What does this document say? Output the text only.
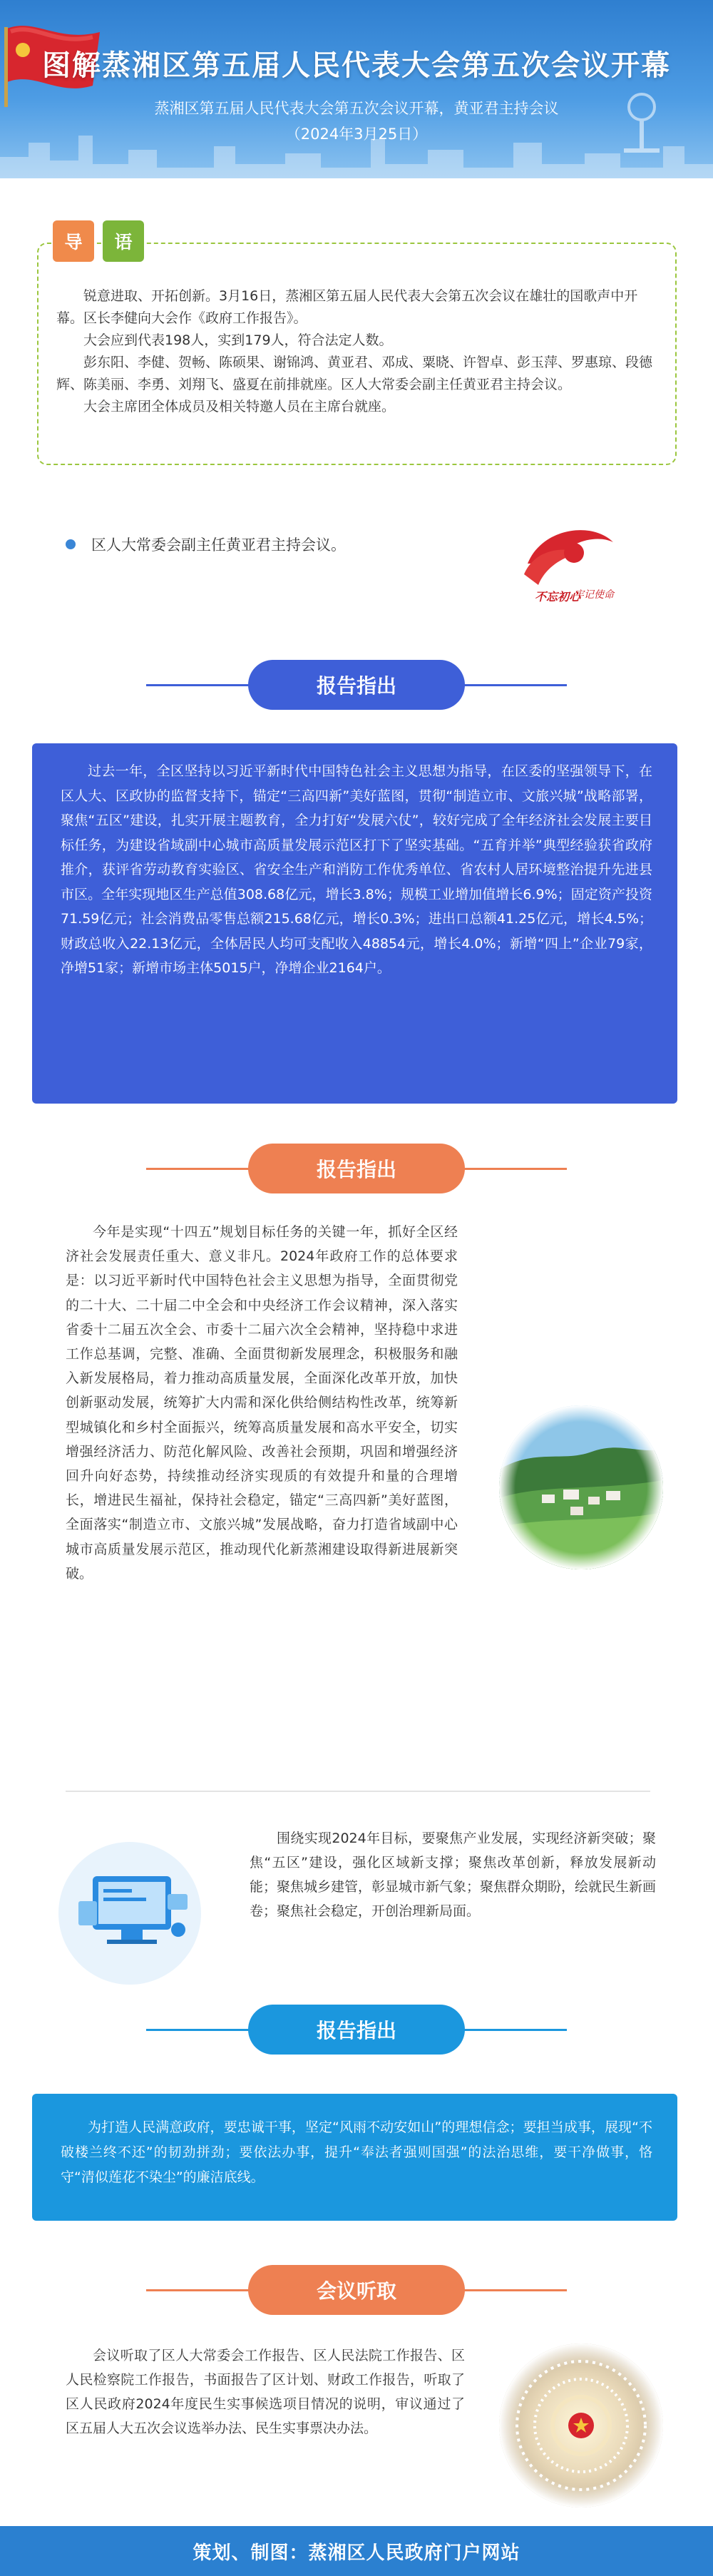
图解蒸湘区第五届人民代表大会第五次会议开幕
蒸湘区第五届人民代表大会第五次会议开幕，黄亚君主持会议
（2024年3月25日）
导	语

锐意进取、开拓创新。3月16日，蒸湘区第五届人民代表大会第五次会议在雄壮的国歌声中开幕。区长李健向大会作《政府工作报告》。

大会应到代表198人，实到179人，符合法定人数。

彭东阳、李健、贺畅、陈硕果、谢锦鸿、黄亚君、邓成、粟晓、许智卓、彭玉萍、罗惠琼、段德辉、陈美丽、李勇、刘翔飞、盛夏在前排就座。区人大常委会副主任黄亚君主持会议。

大会主席团全体成员及相关特邀人员在主席台就座。

区人大常委会副主任黄亚君主持会议。
不忘初心
牢记使命
报告指出

过去一年，全区坚持以习近平新时代中国特色社会主义思想为指导，在区委的坚强领导下，在区人大、区政协的监督支持下，锚定“三高四新”美好蓝图，贯彻“制造立市、文旅兴城”战略部署，聚焦“五区”建设，扎实开展主题教育，全力打好“发展六仗”，较好完成了全年经济社会发展主要目标任务，为建设省域副中心城市高质量发展示范区打下了坚实基础。“五育并举”典型经验获省政府推介，获评省劳动教育实验区、省安全生产和消防工作优秀单位、省农村人居环境整治提升先进县市区。全年实现地区生产总值308.68亿元，增长3.8%；规模工业增加值增长6.9%；固定资产投资71.59亿元；社会消费品零售总额215.68亿元，增长0.3%；进出口总额41.25亿元，增长4.5%；财政总收入22.13亿元，全体居民人均可支配收入48854元，增长4.0%；新增“四上”企业79家，净增51家；新增市场主体5015户，净增企业2164户。

报告指出

今年是实现“十四五”规划目标任务的关键一年，抓好全区经济社会发展责任重大、意义非凡。2024年政府工作的总体要求是：以习近平新时代中国特色社会主义思想为指导，全面贯彻党的二十大、二十届二中全会和中央经济工作会议精神，深入落实省委十二届五次全会、市委十二届六次全会精神，坚持稳中求进工作总基调，完整、准确、全面贯彻新发展理念，积极服务和融入新发展格局，着力推动高质量发展，全面深化改革开放，加快创新驱动发展，统筹扩大内需和深化供给侧结构性改革，统筹新型城镇化和乡村全面振兴，统筹高质量发展和高水平安全，切实增强经济活力、防范化解风险、改善社会预期，巩固和增强经济回升向好态势，持续推动经济实现质的有效提升和量的合理增长，增进民生福祉，保持社会稳定，锚定“三高四新”美好蓝图，全面落实“制造立市、文旅兴城”发展战略，奋力打造省域副中心城市高质量发展示范区，推动现代化新蒸湘建设取得新进展新突破。

围绕实现2024年目标，要聚焦产业发展，实现经济新突破；聚焦“五区”建设，强化区域新支撑；聚焦改革创新，释放发展新动能；聚焦城乡建管，彰显城市新气象；聚焦群众期盼，绘就民生新画卷；聚焦社会稳定，开创治理新局面。

报告指出

为打造人民满意政府，要忠诚干事，坚定“风雨不动安如山”的理想信念；要担当成事，展现“不破楼兰终不还”的韧劲拼劲；要依法办事，提升“奉法者强则国强”的法治思维，要干净做事，恪守“清似莲花不染尘”的廉洁底线。

会议听取

会议听取了区人大常委会工作报告、区人民法院工作报告、区人民检察院工作报告，书面报告了区计划、财政工作报告，听取了区人民政府2024年度民生实事候选项目情况的说明，审议通过了区五届人大五次会议选举办法、民生实事票决办法。

策划、制图：蒸湘区人民政府门户网站
